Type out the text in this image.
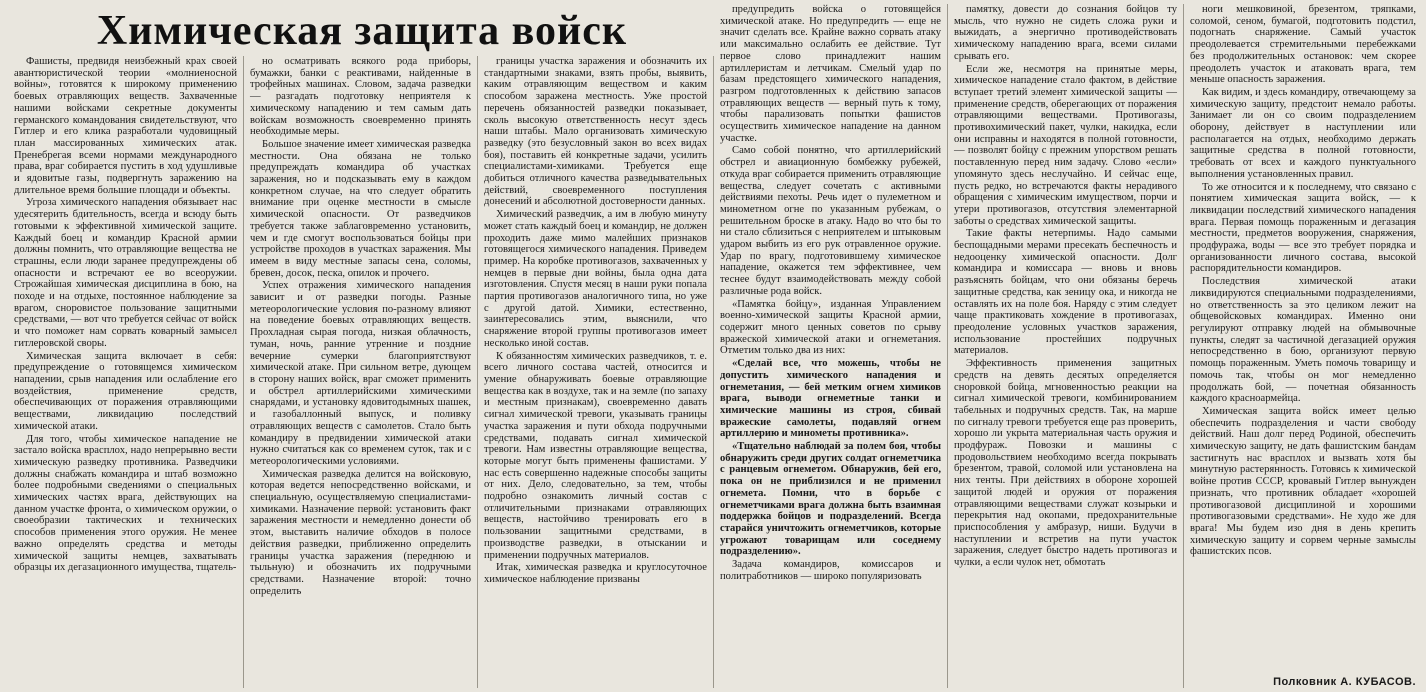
Химическая защита войск

Фашисты, предвидя неизбежный крах своей авантюристической теории «молниеносной войны», готовятся к широкому применению боевых отравляющих веществ. Захваченные нашими войсками секретные документы германского командования свидетельствуют, что Гитлер и его клика разработали чудовищный план массированных химических атак. Пренебрегая всеми нормами международного права, враг собирается пустить в ход удушливые и ядовитые газы, подвергнуть заражению на длительное время большие площади и объекты.

Угроза химического нападения обязывает нас удесятерить бдительность, всегда и всюду быть готовыми к эффективной химической защите. Каждый боец и командир Красной армии должны помнить, что отравляющие вещества не страшны, если люди заранее предупреждены об опасности и встречают ее во всеоружии. Строжайшая химическая дисциплина в бою, на походе и на отдыхе, постоянное наблюдение за врагом, сноровистое пользование защитными средствами, — вот что требуется сейчас от войск и что поможет нам сорвать коварный замысел гитлеровской своры.

Химическая защита включает в себя: предупреждение о готовящемся химическом нападении, срыв нападения или ослабление его воздействия, применение средств, обеспечивающих от поражения отравляющими веществами, ликвидацию последствий химической атаки.

Для того, чтобы химическое нападение не застало войска врасплох, надо непрерывно вести химическую разведку противника. Разведчики должны снабжать командира и штаб возможно более подробными сведениями о специальных химических частях врага, действующих на данном участке фронта, о химическом оружии, о своеобразии тактических и технических способов применения этого оружия. Не менее важно определять средства и методы химической защиты немцев, захватывать образцы их дегазационного имущества, тщатель-

но осматривать всякого рода приборы, бумажки, банки с реактивами, найденные в трофейных машинах. Словом, задача разведки — разгадать подготовку неприятеля к химическому нападению и тем самым дать войскам возможность своевременно принять необходимые меры.

Большое значение имеет химическая разведка местности. Она обязана не только предупреждать командира об участках заражения, но и подсказывать ему в каждом конкретном случае, на что следует обратить внимание при оценке местности в смысле химической опасности. От разведчиков требуется также заблаговременно установить, чем и где смогут воспользоваться бойцы при устройстве проходов в участках заражения. Мы имеем в виду местные запасы сена, соломы, бревен, досок, песка, опилок и прочего.

Успех отражения химического нападения зависит и от разведки погоды. Разные метеорологические условия по-разному влияют на поведение боевых отравляющих веществ. Прохладная сырая погода, низкая облачность, туман, ночь, ранние утренние и поздние вечерние сумерки благоприятствуют химической атаке. При сильном ветре, дующем в сторону наших войск, враг сможет применить и обстрел артиллерийскими химическими снарядами, и установку ядовитодымных шашек, и газобаллонный выпуск, и поливку отравляющих веществ с самолетов. Стало быть командиру в предвидении химической атаки нужно считаться как со временем суток, так и с метеорологическими условиями.

Химическая разведка делится на войсковую, которая ведется непосредственно войсками, и специальную, осуществляемую специалистами-химиками. Назначение первой: установить факт заражения местности и немедленно донести об этом, выставить наличие обходов в полосе действия разведки, приближенно определить границы участка заражения (переднюю и тыльную) и обозначить их подручными средствами. Назначение второй: точно определить

границы участка заражения и обозначить их стандартными знаками, взять пробы, выявить, каким отравляющим веществом и каким способом заражена местность. Уже простой перечень обязанностей разведки показывает, сколь высокую ответственность несут здесь наши штабы. Мало организовать химическую разведку (это безусловный закон во всех видах боя), поставить ей конкретные задачи, усилить специалистами-химиками. Требуется еще добиться отличного качества разведывательных действий, своевременного поступления донесений и абсолютной достоверности данных.

Химический разведчик, а им в любую минуту может стать каждый боец и командир, не должен проходить даже мимо малейших признаков готовящегося химического нападения. Приведем пример. На коробке противогазов, захваченных у немцев в первые дни войны, была одна дата изготовления. Спустя месяц в наши руки попала партия противогазов аналогичного типа, но уже с другой датой. Химики, естественно, заинтересовались этим, выяснили, что снаряжение второй группы противогазов имеет несколько иной состав.

К обязанностям химических разведчиков, т. е. всего личного состава частей, относится и умение обнаруживать боевые отравляющие вещества как в воздухе, так и на земле (по запаху и местным признакам), своевременно давать сигнал химической тревоги, указывать границы участка заражения и пути обхода подручными средствами, подавать сигнал химической тревоги. Нам известны отравляющие вещества, которые могут быть применены фашистами. У нас есть совершенно надежные способы защиты от них. Дело, следовательно, за тем, чтобы подробно ознакомить личный состав с отличительными признаками отравляющих веществ, настойчиво тренировать его в пользовании защитными средствами, в производстве разведки, в отыскании и применении подручных материалов.

Итак, химическая разведка и круглосуточное химическое наблюдение призваны

предупредить войска о готовящейся химической атаке. Но предупредить — еще не значит сделать все. Крайне важно сорвать атаку или максимально ослабить ее действие. Тут первое слово принадлежит нашим артиллеристам и летчикам. Смелый удар по базам предстоящего химического нападения, разгром подготовленных к действию запасов отравляющих веществ — верный путь к тому, чтобы парализовать попытки фашистов осуществить химическое нападение на данном участке.

Само собой понятно, что артиллерийский обстрел и авиационную бомбежку рубежей, откуда враг собирается применить отравляющие вещества, следует сочетать с активными действиями пехоты. Речь идет о пулеметном и минометном огне по указанным рубежам, о решительном броске в атаку. Надо во что бы то ни стало сблизиться с неприятелем и штыковым ударом выбить из его рук отравленное оружие. Удар по врагу, подготовившему химическое нападение, окажется тем эффективнее, чем теснее будут взаимодействовать между собой различные рода войск.

«Памятка бойцу», изданная Управлением военно-химической защиты Красной армии, содержит много ценных советов по срыву вражеской химической атаки и огнеметания. Отметим только два из них:

«Сделай все, что можешь, чтобы не допустить химического нападения и огнеметания, — бей метким огнем химиков врага, выводи огнеметные танки и химические машины из строя, сбивай вражеские самолеты, подавляй огнем артиллерию и минометы противника».

«Тщательно наблюдай за полем боя, чтобы обнаружить среди других солдат огнеметчика с ранцевым огнеметом. Обнаружив, бей его, пока он не приблизился и не применил огнемета. Помни, что в борьбе с огнеметчиками врага должна быть взаимная поддержка бойцов и подразделений. Всегда старайся уничтожить огнеметчиков, которые угрожают товарищам или соседнему подразделению».

Задача командиров, комиссаров и политработников — широко популяризовать

памятку, довести до сознания бойцов ту мысль, что нужно не сидеть сложа руки и выжидать, а энергично противодействовать химическому нападению врага, всеми силами срывать его.

Если же, несмотря на принятые меры, химическое нападение стало фактом, в действие вступает третий элемент химической защиты — применение средств, оберегающих от поражения отравляющими веществами. Противогазы, противохимический пакет, чулки, накидка, если они исправны и находятся в полной готовности, — позволят бойцу с прежним упорством решать поставленную перед ним задачу. Слово «если» упомянуто здесь неслучайно. И сейчас еще, пусть редко, но встречаются факты нерадивого обращения с химическим имуществом, порчи и утери противогазов, отсутствия элементарной заботы о средствах химической защиты.

Такие факты нетерпимы. Надо самыми беспощадными мерами пресекать беспечность и недооценку химической опасности. Долг командира и комиссара — вновь и вновь разъяснять бойцам, что они обязаны беречь защитные средства, как зеницу ока, и никогда не оставлять их на поле боя. Наряду с этим следует чаще практиковать хождение в противогазах, преодоление условных участков заражения, использование простейших подручных материалов.

Эффективность применения защитных средств на девять десятых определяется сноровкой бойца, мгновенностью реакции на сигнал химической тревоги, комбинированием табельных и подручных средств. Так, на марше по сигналу тревоги требуется еще раз проверить, хорошо ли укрыта материальная часть оружия и продфураж. Повозки и машины с продовольствием необходимо всегда покрывать брезентом, травой, соломой или установлена на них тенты. При действиях в обороне хорошей защитой людей и оружия от поражения отравляющими веществами служат козырьки и перекрытия над окопами, предохранительные приспособления у амбразур, ниши. Будучи в наступлении и встретив на пути участок заражения, следует быстро надеть противогаз и чулки, а если чулок нет, обмотать

ноги мешковиной, брезентом, тряпками, соломой, сеном, бумагой, подготовить подстил, подогнать снаряжение. Самый участок преодолевается стремительными перебежками без продолжительных остановок: чем скорее преодолеть участок и атаковать врага, тем меньше опасность заражения.

Как видим, и здесь командиру, отвечающему за химическую защиту, предстоит немало работы. Занимает ли он со своим подразделением оборону, действует в наступлении или располагается на отдых, необходимо держать защитные средства в полной готовности, требовать от всех и каждого пунктуального выполнения установленных правил.

То же относится и к последнему, что связано с понятием химическая защита войск, — к ликвидации последствий химического нападения врага. Первая помощь пораженным и дегазация местности, предметов вооружения, снаряжения, продфуража, воды — все это требует порядка и организованности личного состава, высокой распорядительности командиров.

Последствия химической атаки ликвидируются специальными подразделениями, но ответственность за это целиком лежит на общевойсковых командирах. Именно они регулируют отправку людей на обмывочные пункты, следят за частичной дегазацией оружия непосредственно в бою, организуют первую помощь пораженным. Уметь помочь товарищу и помочь так, чтобы он мог немедленно продолжать бой, — почетная обязанность каждого красноармейца.

Химическая защита войск имеет целью обеспечить подразделения и части свободу действий. Наш долг перед Родиной, обеспечить химическую защиту, не дать фашистским бандам застигнуть нас врасплох и вызвать хотя бы минутную растерянность. Готовясь к химической войне против СССР, кровавый Гитлер вынужден признать, что противник обладает «хорошей противогазовой дисциплиной и хорошими противогазовыми средствами». Не худо же для врага! Мы будем изо дня в день крепить химическую защиту и сорвем черные замыслы фашистских псов.

Полковник А. КУБАСОВ.
